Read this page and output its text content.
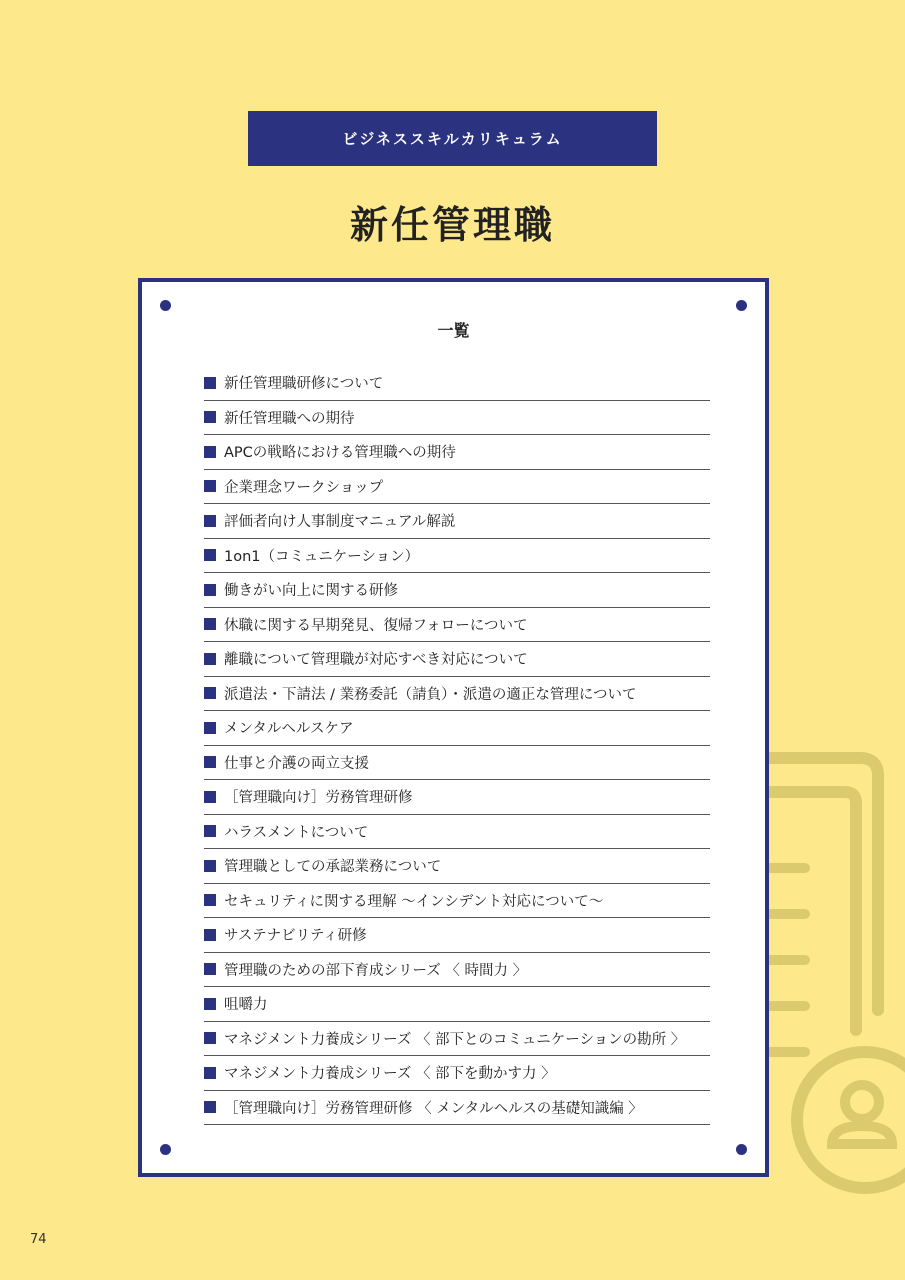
ビジネススキルカリキュラム
新任管理職
一覧
新任管理職研修について
新任管理職への期待
APCの戦略における管理職への期待
企業理念ワークショップ
評価者向け人事制度マニュアル解説
1on1（コミュニケーション）
働きがい向上に関する研修
休職に関する早期発見、復帰フォローについて
離職について管理職が対応すべき対応について
派遣法・下請法 / 業務委託（請負）・派遣の適正な管理について
メンタルヘルスケア
仕事と介護の両立支援
［管理職向け］労務管理研修
ハラスメントについて
管理職としての承認業務について
セキュリティに関する理解 〜インシデント対応について〜
サステナビリティ研修
管理職のための部下育成シリーズ 〈 時間力 〉
咀嚼力
マネジメント力養成シリーズ 〈 部下とのコミュニケーションの勘所 〉
マネジメント力養成シリーズ 〈 部下を動かす力 〉
［管理職向け］労務管理研修 〈 メンタルヘルスの基礎知識編 〉
74
